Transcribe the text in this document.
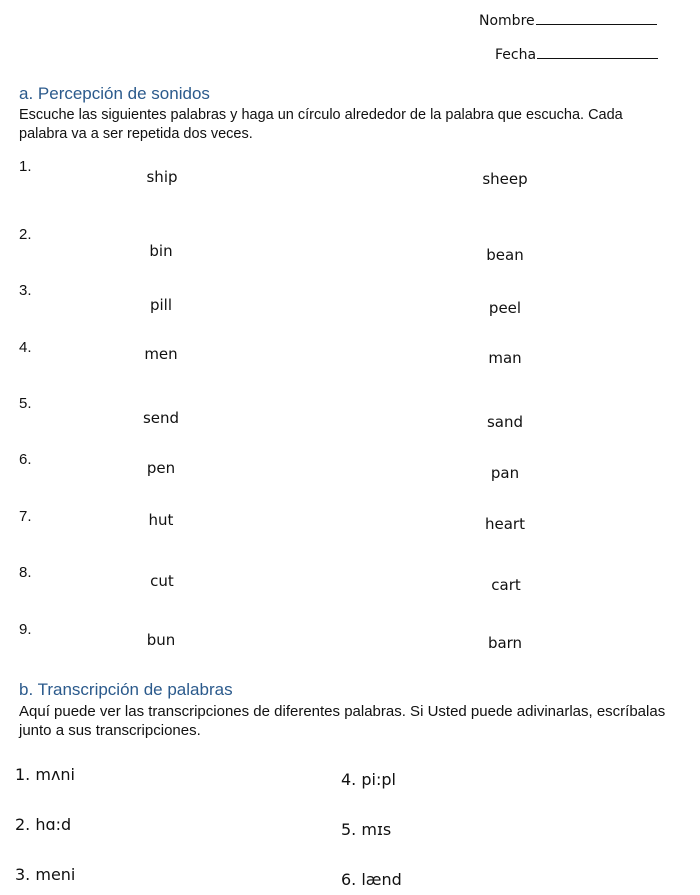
Nombre
Fecha
a. Percepción de sonidos
Escuche las siguientes palabras y haga un círculo alrededor de la palabra que escucha. Cada palabra va a ser repetida dos veces.
1.
ship	sheep
2.
bin	bean
3.
pill	peel
4.	men	man
5.
send	sand
6.	pen	pan
7.	hut	heart
8.	cut	cart
9.
bun	barn
b. Transcripción de palabras
Aquí puede ver las transcripciones de diferentes palabras. Si Usted puede adivinarlas, escríbalas junto a sus transcripciones.
1. mʌni
2. hɑ:d
3. meni
4. pi:pl
5. mɪs
6. lænd
